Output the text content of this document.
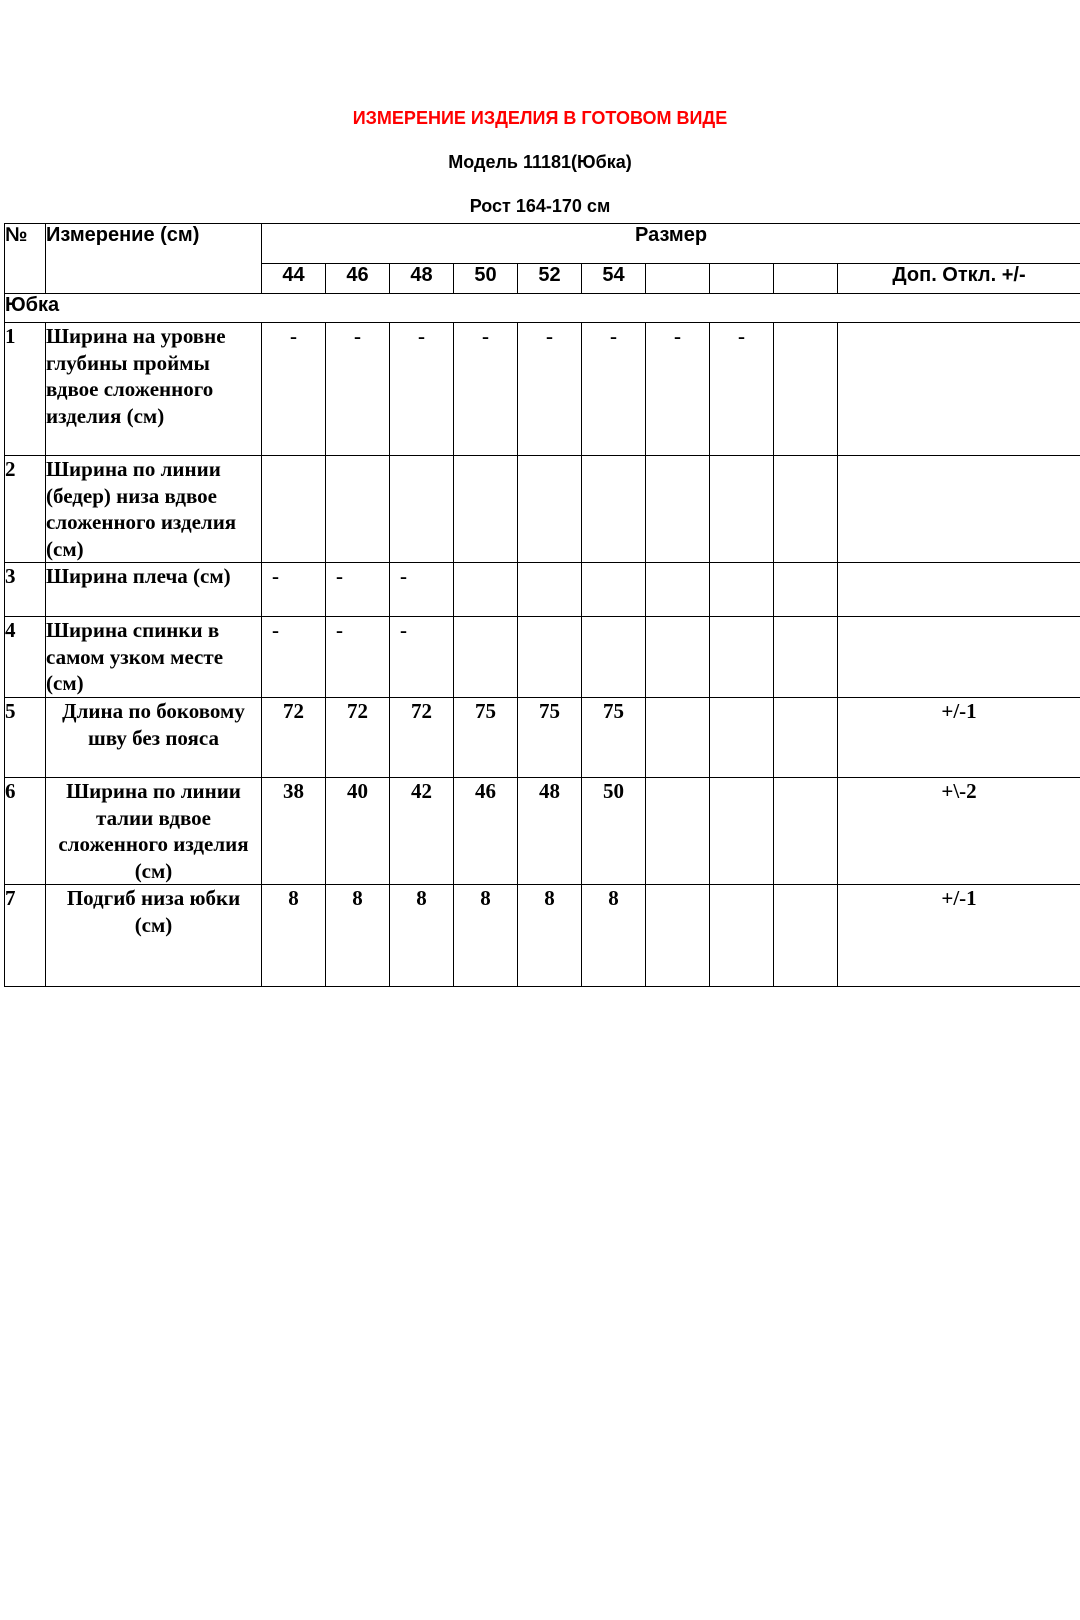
ИЗМЕРЕНИЕ ИЗДЕЛИЯ В ГОТОВОМ ВИДЕ
Модель 11181(Юбка)
Рост 164-170 см
№	Измерение (см)	Размер									
		44	46	48	50	52	54				Доп. Откл. +/-
Юбка											
1	Ширина на уровне глубины проймы вдвое сложенного изделия (см)	-	-	-	-	-	-	-	-		
2	Ширина по линии (бедер) низа вдвое сложенного изделия (см)										
3	Ширина плеча (см)	-	-	-							
4	Ширина спинки в самом узком месте (см)	-	-	-							
5	Длина по боковому шву без пояса	72	72	72	75	75	75				+/-1
6	Ширина по линии талии вдвое сложенного изделия (см)	38	40	42	46	48	50				+\-2
7	Подгиб низа юбки (см)	8	8	8	8	8	8				+/-1
